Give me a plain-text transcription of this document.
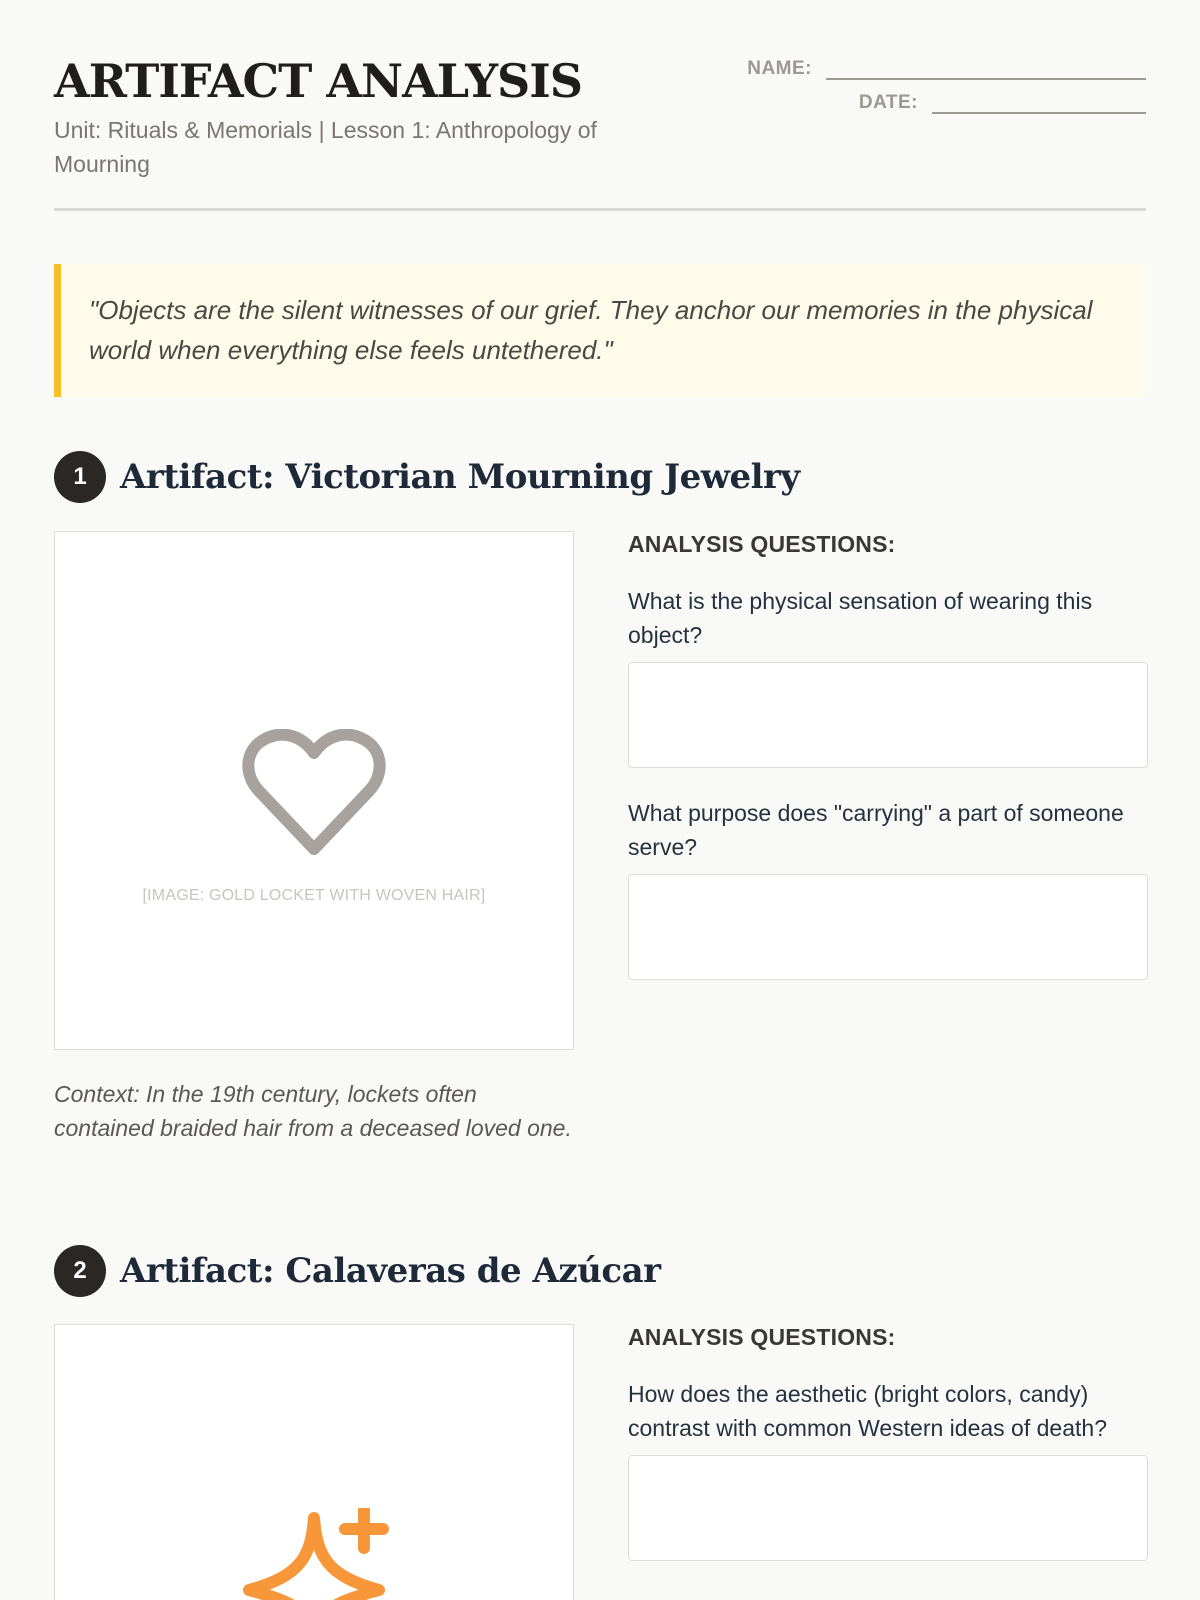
ARTIFACT ANALYSIS
Unit: Rituals & Memorials | Lesson 1: Anthropology of Mourning
NAME:
DATE:
"Objects are the silent witnesses of our grief. They anchor our memories in the physical world when everything else feels untethered."
1 Artifact: Victorian Mourning Jewelry
[IMAGE: GOLD LOCKET WITH WOVEN HAIR]
Context: In the 19th century, lockets often contained braided hair from a deceased loved one.
ANALYSIS QUESTIONS:
What is the physical sensation of wearing this object?
What purpose does "carrying" a part of someone serve?
2 Artifact: Calaveras de Azúcar
ANALYSIS QUESTIONS:
How does the aesthetic (bright colors, candy) contrast with common Western ideas of death?
